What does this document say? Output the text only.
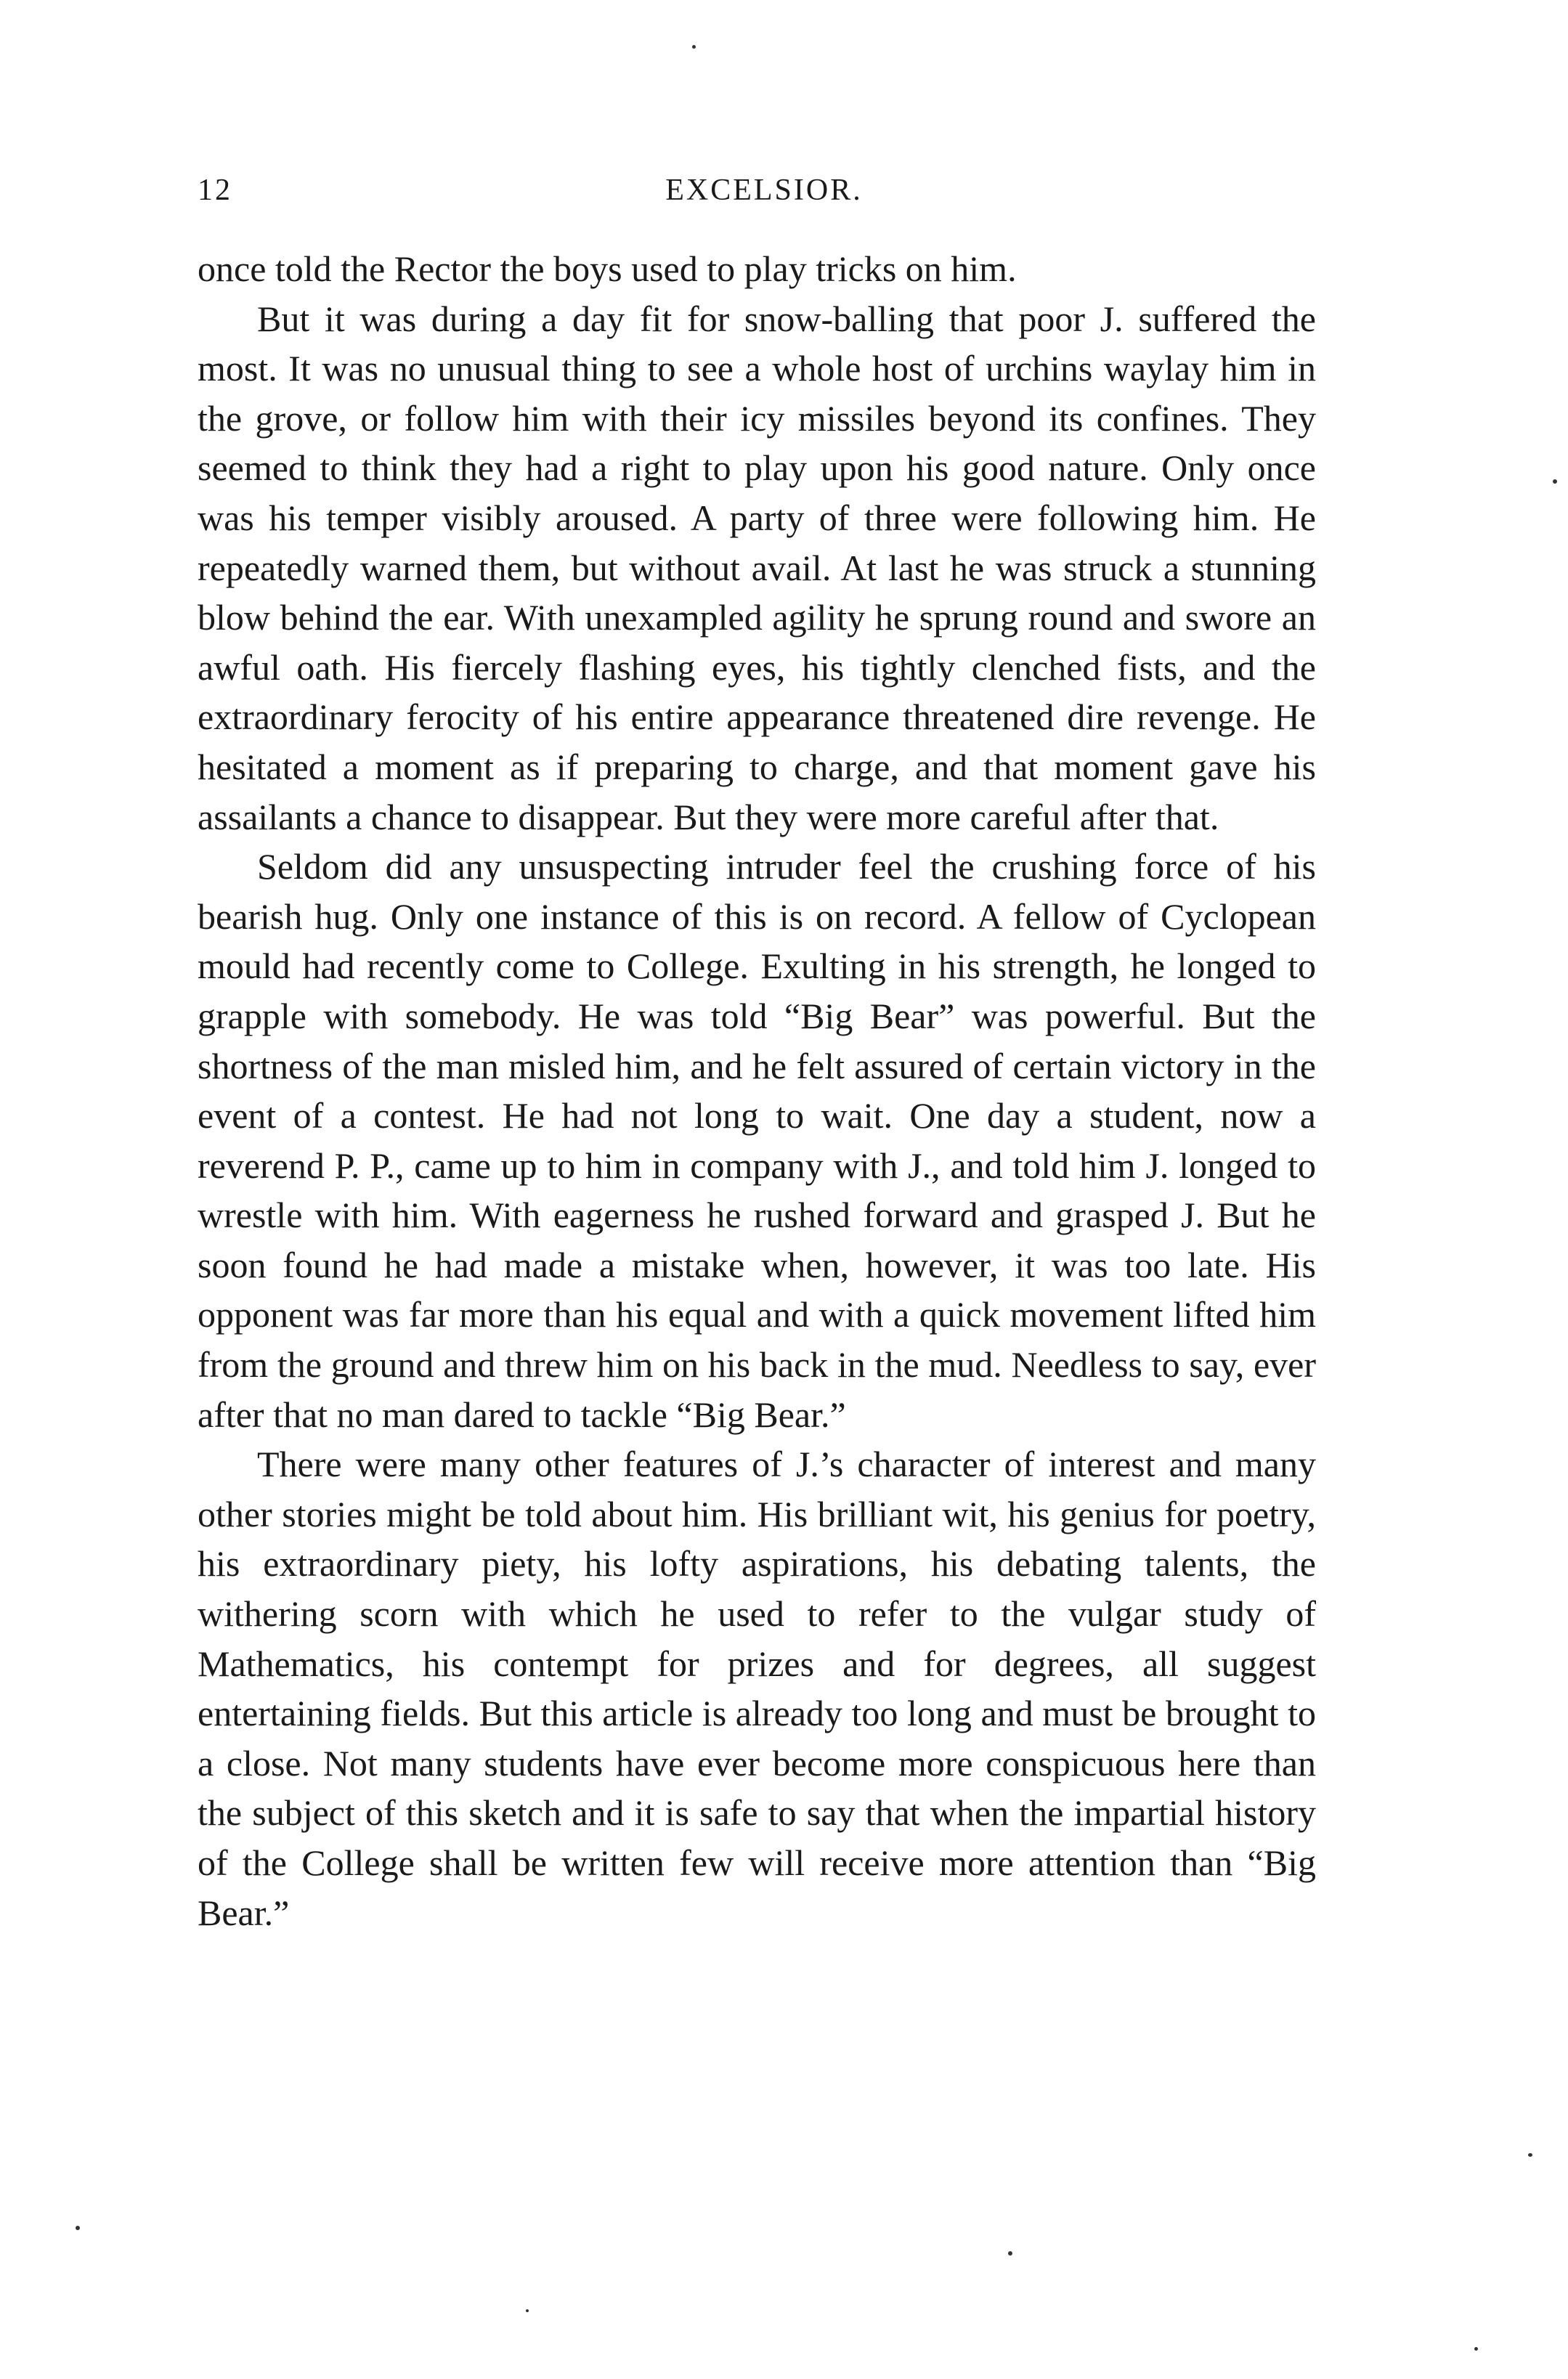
12	EXCELSIOR.

once told the Rector the boys used to play tricks on him.

But it was during a day fit for snow-balling that poor J. suffered the most. It was no unusual thing to see a whole host of urchins waylay him in the grove, or follow him with their icy missiles beyond its confines. They seemed to think they had a right to play upon his good nature. Only once was his temper visibly aroused. A party of three were following him. He repeatedly warned them, but without avail. At last he was struck a stunning blow behind the ear. With unexampled agility he sprung round and swore an awful oath. His fiercely flashing eyes, his tightly clenched fists, and the extraordinary ferocity of his entire appearance threatened dire revenge. He hesitated a moment as if preparing to charge, and that moment gave his assailants a chance to disappear. But they were more careful after that.

Seldom did any unsuspecting intruder feel the crushing force of his bearish hug. Only one instance of this is on record. A fellow of Cyclopean mould had recently come to College. Exulting in his strength, he longed to grapple with somebody. He was told “Big Bear” was powerful. But the shortness of the man misled him, and he felt assured of certain victory in the event of a contest. He had not long to wait. One day a student, now a reverend P. P., came up to him in company with J., and told him J. longed to wrestle with him. With eagerness he rushed forward and grasped J. But he soon found he had made a mistake when, however, it was too late. His opponent was far more than his equal and with a quick movement lifted him from the ground and threw him on his back in the mud. Needless to say, ever after that no man dared to tackle “Big Bear.”

There were many other features of J.’s character of interest and many other stories might be told about him. His brilliant wit, his genius for poetry, his extraordinary piety, his lofty aspirations, his debating talents, the withering scorn with which he used to refer to the vulgar study of Mathematics, his contempt for prizes and for degrees, all suggest entertaining fields. But this article is already too long and must be brought to a close. Not many students have ever become more conspicuous here than the subject of this sketch and it is safe to say that when the impartial history of the College shall be written few will receive more attention than “Big Bear.”
